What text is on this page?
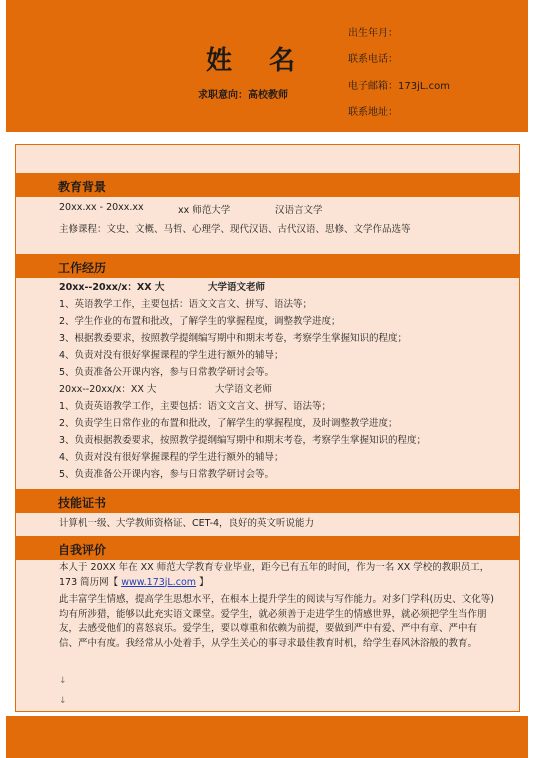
姓 名
求职意向：高校教师
出生年月：
联系电话：
电子邮箱：173jL.com
联系地址：
教育背景
20xx.xx - 20xx.xx	xx 师范大学	汉语言文学
主修课程：文史、文概、马哲、心理学、现代汉语、古代汉语、思修、文学作品选等
工作经历
20xx--20xx/x：XX 大	大学语文老师
1、英语教学工作，主要包括：语文文言文、拼写、语法等；
2、学生作业的布置和批改，了解学生的掌握程度，调整教学进度；
3、根据教委要求，按照教学提纲编写期中和期末考卷，考察学生掌握知识的程度；
4、负责对没有很好掌握课程的学生进行额外的辅导；
5、负责准备公开课内容，参与日常教学研讨会等。
20xx--20xx/x：XX 大	大学语文老师
1、负责英语教学工作，主要包括：语文文言文、拼写、语法等；
2、负责学生日常作业的布置和批改，了解学生的掌握程度，及时调整教学进度；
3、负责根据教委要求，按照教学提纲编写期中和期末考卷，考察学生掌握知识的程度；
4、负责对没有很好掌握课程的学生进行额外的辅导；
5、负责准备公开课内容，参与日常教学研讨会等。
技能证书
计算机一级、大学教师资格证、CET-4，良好的英文听说能力
自我评价
本人于 20XX 年在 XX 师范大学教育专业毕业，距今已有五年的时间，作为一名 XX 学校的教职员工，173 简历网【 www.173jL.com 】
此丰富学生情感，提高学生思想水平，在根本上提升学生的阅读与写作能力。对多门学科(历史、文化等)均有所涉猎，能够以此充实语文课堂。爱学生，就必须善于走进学生的情感世界，就必须把学生当作朋友，去感受他们的喜怒哀乐。爱学生，要以尊重和依赖为前提，要做到严中有爱、严中有章、严中有信、严中有度。我经常从小处着手，从学生关心的事寻求最佳教育时机，给学生春风沐浴般的教育。
↓
↓
